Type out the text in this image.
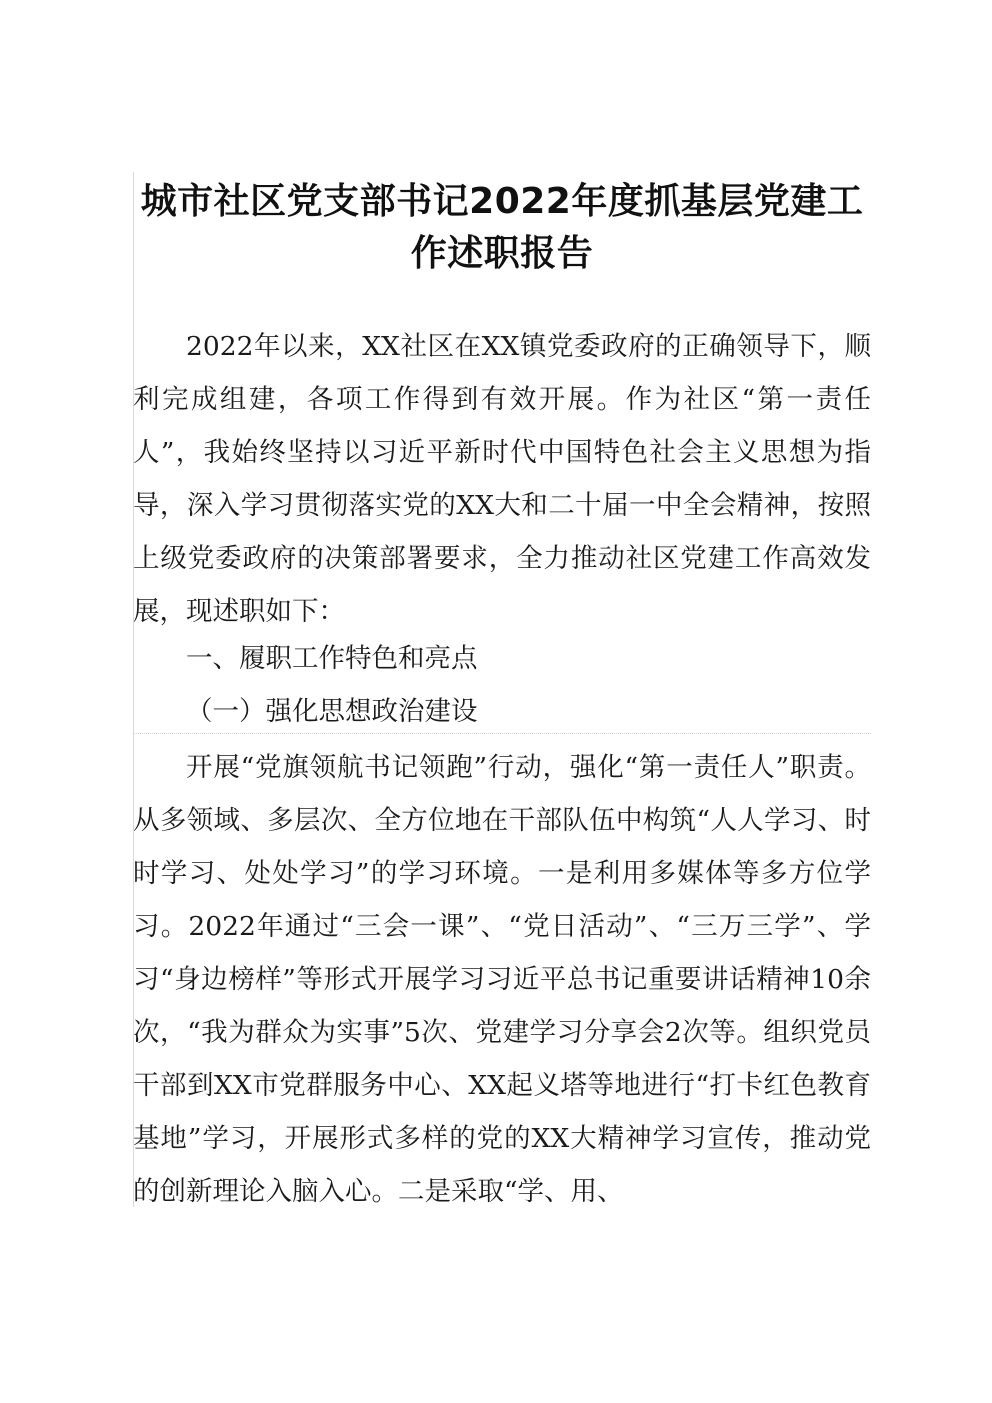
城市社区党支部书记2022年度抓基层党建工
作述职报告

2022年以来，XX社区在XX镇党委政府的正确领导下，顺利完成组建，各项工作得到有效开展。作为社区“第一责任人”，我始终坚持以习近平新时代中国特色社会主义思想为指导，深入学习贯彻落实党的XX大和二十届一中全会精神，按照上级党委政府的决策部署要求，全力推动社区党建工作高效发展，现述职如下：

一、履职工作特色和亮点

（一）强化思想政治建设

开展“党旗领航书记领跑”行动，强化“第一责任人”职责。从多领域、多层次、全方位地在干部队伍中构筑“人人学习、时时学习、处处学习”的学习环境。一是利用多媒体等多方位学习。2022年通过“三会一课”、“党日活动”、“三万三学”、学习“身边榜样”等形式开展学习习近平总书记重要讲话精神10余次，“我为群众为实事”5次、党建学习分享会2次等。组织党员干部到XX市党群服务中心、XX起义塔等地进行“打卡红色教育基地”学习，开展形式多样的党的XX大精神学习宣传，推动党的创新理论入脑入心。二是采取“学、用、
